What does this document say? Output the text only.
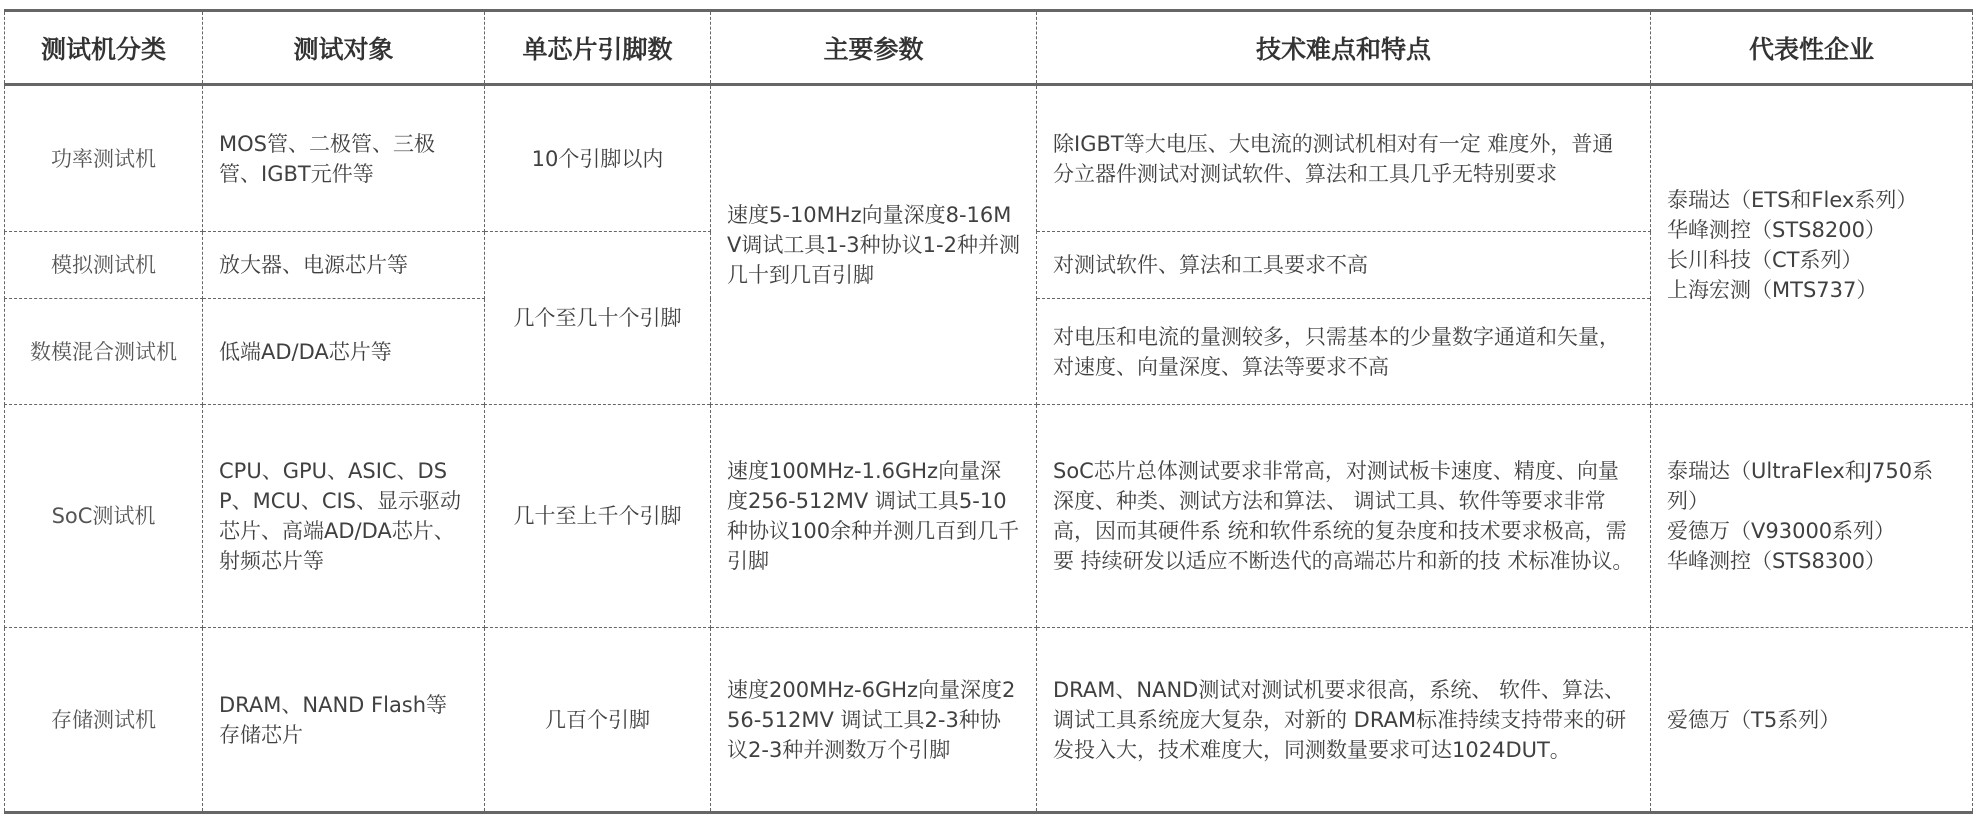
测试机分类	测试对象	单芯片引脚数	主要参数	技术难点和特点	代表性企业
功率测试机	MOS管、二极管、三极管、IGBT元件等	10个引脚以内	速度5-10MHz向量深度8-16MV调试工具1-3种协议1-2种并测几十到几百引脚	除IGBT等大电压、大电流的测试机相对有一定 难度外，普通分立器件测试对测试软件、算法和工具几乎无特别要求	泰瑞达（ETS和Flex系列）
华峰测控（STS8200）
长川科技（CT系列）
上海宏测（MTS737）

模拟测试机	放大器、电源芯片等	几个至几十个引脚		对测试软件、算法和工具要求不高	
数模混合测试机	低端AD/DA芯片等			对电压和电流的量测较多，只需基本的少量数字通道和矢量，对速度、向量深度、算法等要求不高	
SoC测试机	CPU、GPU、ASIC、DSP、MCU、CIS、显示驱动芯片、高端AD/DA芯片、射频芯片等	几十至上千个引脚	速度100MHz-1.6GHz向量深度256-512MV 调试工具5-10种协议100余种并测几百到几千引脚	SoC芯片总体测试要求非常高，对测试板卡速度、精度、向量深度、种类、测试方法和算法、 调试工具、软件等要求非常高，因而其硬件系 统和软件系统的复杂度和技术要求极高，需要 持续研发以适应不断迭代的高端芯片和新的技 术标准协议。	泰瑞达（UltraFlex和J750系列）
爱德万（V93000系列）
华峰测控（STS8300）

存储测试机	DRAM、NAND Flash等存储芯片	几百个引脚	速度200MHz-6GHz向量深度256-512MV 调试工具2-3种协议2-3种并测数万个引脚	DRAM、NAND测试对测试机要求很高，系统、 软件、算法、调试工具系统庞大复杂，对新的 DRAM标准持续支持带来的研发投入大，技术难度大，同测数量要求可达1024DUT。	爱德万（T5系列）
